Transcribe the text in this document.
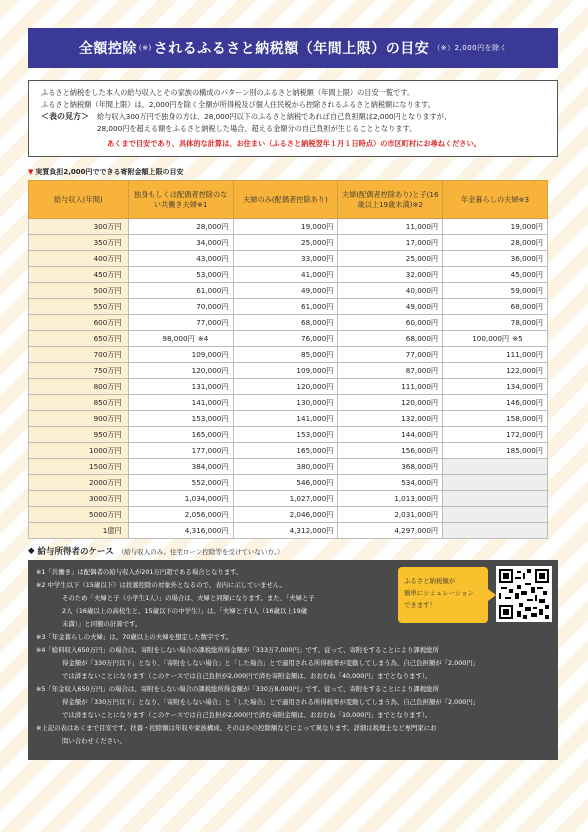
全額控除 (※) されるふるさと納税額（年間上限）の目安 （※）2,000円を除く

ふるさと納税をした本人の給与収入とその家族の構成のパターン別のふるさと納税額（年間上限）の目安一覧です。

ふるさと納税額（年間上限）は、2,000円を除く全額が所得税及び個人住民税から控除されるふるさと納税額になります。

＜表の見方＞	給与収入300万円で独身の方は、28,000円以下のふるさと納税であれば自己負担額は2,000円となりますが、

28,000円を超える額をふるさと納税した場合、超える金額分の自己負担が生じることとなります。

あくまで目安であり、具体的な計算は、お住まい（ふるさと納税翌年１月１日時点）の市区町村にお尋ねください。

▼ 実質負担2,000円でできる寄附金額上限の目安
給与収入(年間)	独身もしくは配偶者控除のない共働き夫婦※1	夫婦のみ(配偶者控除あり)	夫婦(配偶者控除あり)と子(16歳以上19歳未満)※2	年金暮らしの夫婦※3
300万円	28,000円	19,000円	11,000円	19,000円
350万円	34,000円	25,000円	17,000円	28,000円
400万円	43,000円	33,000円	25,000円	36,000円
450万円	53,000円	41,000円	32,000円	45,000円
500万円	61,000円	49,000円	40,000円	59,000円
550万円	70,000円	61,000円	49,000円	68,000円
600万円	77,000円	68,000円	60,000円	78,000円
650万円	98,000円 ※4	76,000円	68,000円	100,000円 ※5
700万円	109,000円	85,000円	77,000円	111,000円
750万円	120,000円	109,000円	87,000円	122,000円
800万円	131,000円	120,000円	111,000円	134,000円
850万円	141,000円	130,000円	120,000円	146,000円
900万円	153,000円	141,000円	132,000円	158,000円
950万円	165,000円	153,000円	144,000円	172,000円
1000万円	177,000円	165,000円	156,000円	185,000円
1500万円	384,000円	380,000円	368,000円	
2000万円	552,000円	546,000円	534,000円	
3000万円	1,034,000円	1,027,000円	1,013,000円	
5000万円	2,056,000円	2,046,000円	2,031,000円	
1億円	4,316,000円	4,312,000円	4,297,000円	
◆ 給与所得者のケース （給与収入のみ。住宅ローン控除等を受けていない方。）

※1「共働き」は配偶者の給与収入が201万円超である場合となります。

※2 中学生以下（15歳以下）は扶養控除の対象外となるので、表内に示していません。

そのため「夫婦と子（小学生1人）」の場合は、夫婦と同額になります。また、「夫婦と子

2人（16歳以上の高校生と、15歳以下の中学生）」は、「夫婦と子1人（16歳以上19歳

未満）」と同額の計算です。

※3「年金暮らしの夫婦」は、70歳以上の夫婦を想定した数字です。

※4「給料収入650万円」の場合は、寄附をしない場合の課税総所得金額が「333万7,000円」です。従って、寄附をすることにより課税総所

得金額が「330万円以下」となり、「寄附をしない場合」と「した場合」とで適用される所得税率が変動してしまう為、自己負担額が「2,000円」

では済まないことになります（このケースでは自己負担が2,000円で済む寄附金額は、おおむね「40,000円」までとなります）。

※5「年金収入650万円」の場合は、寄附をしない場合の課税総所得金額が「330万8,000円」です。従って、寄附をすることにより課税総所

得金額が「330万円以下」となり、「寄附をしない場合」と「した場合」とで適用される所得税率が変動してしまう為、自己負担額が「2,000円」

では済まないことになります（このケースでは自己負担が2,000円で済む寄附金額は、おおむね「10,000円」までとなります）。

※上記の表はあくまで目安です。扶養・控除額は年収や家族構成、そのほかの控除額などによって異なります。詳細は税理士など専門家にお

問い合わせください。

ふるさと納税額が

簡単にシミュレーション

できます！
